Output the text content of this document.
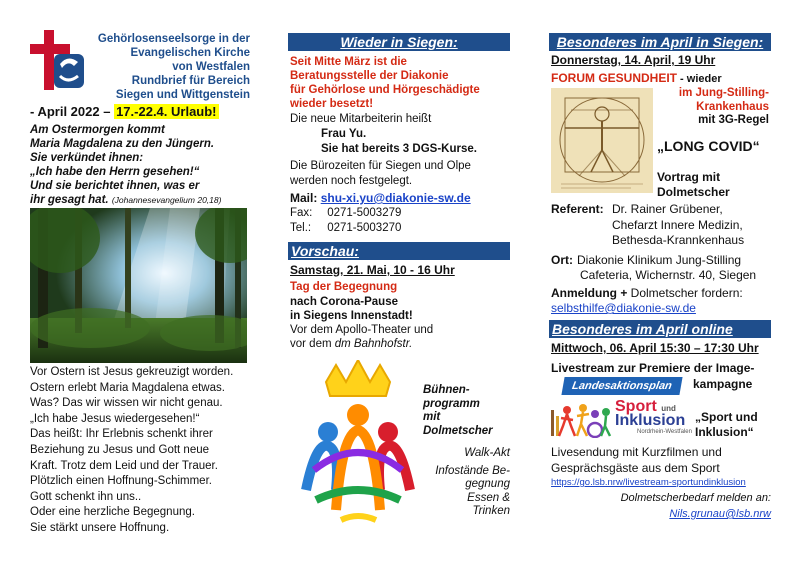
Gehörlosenseelsorge in der
Evangelischen Kirche
von Westfalen
Rundbrief für Bereich
Siegen und Wittgenstein
- April 2022 – 17.-22.4. Urlaub!
Am Ostermorgen kommt
Maria Magdalena zu den Jüngern.
Sie verkündet ihnen:
„Ich habe den Herrn gesehen!“
Und sie berichtet ihnen, was er
ihr gesagt hat. (Johannesevangelium 20,18)
Vor Ostern ist Jesus gekreuzigt worden.
Ostern erlebt Maria Magdalena etwas.
Was? Das wir wissen wir nicht genau.
„Ich habe Jesus wiedergesehen!“
Das heißt: Ihr Erlebnis schenkt ihrer
Beziehung zu Jesus und Gott neue
Kraft. Trotz dem Leid und der Trauer.
Plötzlich einen Hoffnung-Schimmer.
Gott schenkt ihn uns..
Oder eine herzliche Begegnung.
Sie stärkt unsere Hoffnung.
Wieder in Siegen:
Seit Mitte März ist die
Beratungsstelle der Diakonie
für Gehörlose und Hörgeschädigte
wieder besetzt!
Die neue Mitarbeiterin heißt
Frau Yu.
Sie hat bereits 3 DGS-Kurse.
Die Bürozeiten für Siegen und Olpe
werden noch festgelegt.
Mail: shu-xi.yu@diakonie-sw.de
Fax: 0271-5003279
Tel.: 0271-5003270
Vorschau:
Samstag, 21. Mai, 10 - 16 Uhr
Tag der Begegnung
nach Corona-Pause
in Siegens Innenstadt!
Vor dem Apollo-Theater und
vor dem dm Bahnhofstr.
Bühnen-
programm
mit
Dolmetscher
Walk-Akt
Infostände Be-
gegnung
Essen &
Trinken
Besonderes im April in Siegen:
Donnerstag, 14. April, 19 Uhr
FORUM GESUNDHEIT - wieder
im Jung-Stilling-
Krankenhaus
mit 3G-Regel
„LONG COVID“
Vortrag mit
Dolmetscher
Referent: Dr. Rainer Grübener,
Chefarzt Innere Medizin,
Bethesda-Krannkenhaus
Ort: Diakonie Klinikum Jung-Stilling
Cafeteria, Wichernstr. 40, Siegen
Anmeldung + Dolmetscher fordern:
selbsthilfe@diakonie-sw.de
Besonderes im April online
Mittwoch, 06. April 15:30 – 17:30 Uhr
Livestream zur Premiere der Image-
Landesaktionsplan	kampagne
Sport und
Inklusion
Nordrhein-Westfalen
„Sport und
Inklusion“
Livesendung mit Kurzfilmen und
Gesprächsgäste aus dem Sport
https://go.lsb.nrw/livestream-sportundinklusion
Dolmetscherbedarf melden an:
Nils.grunau@lsb.nrw
